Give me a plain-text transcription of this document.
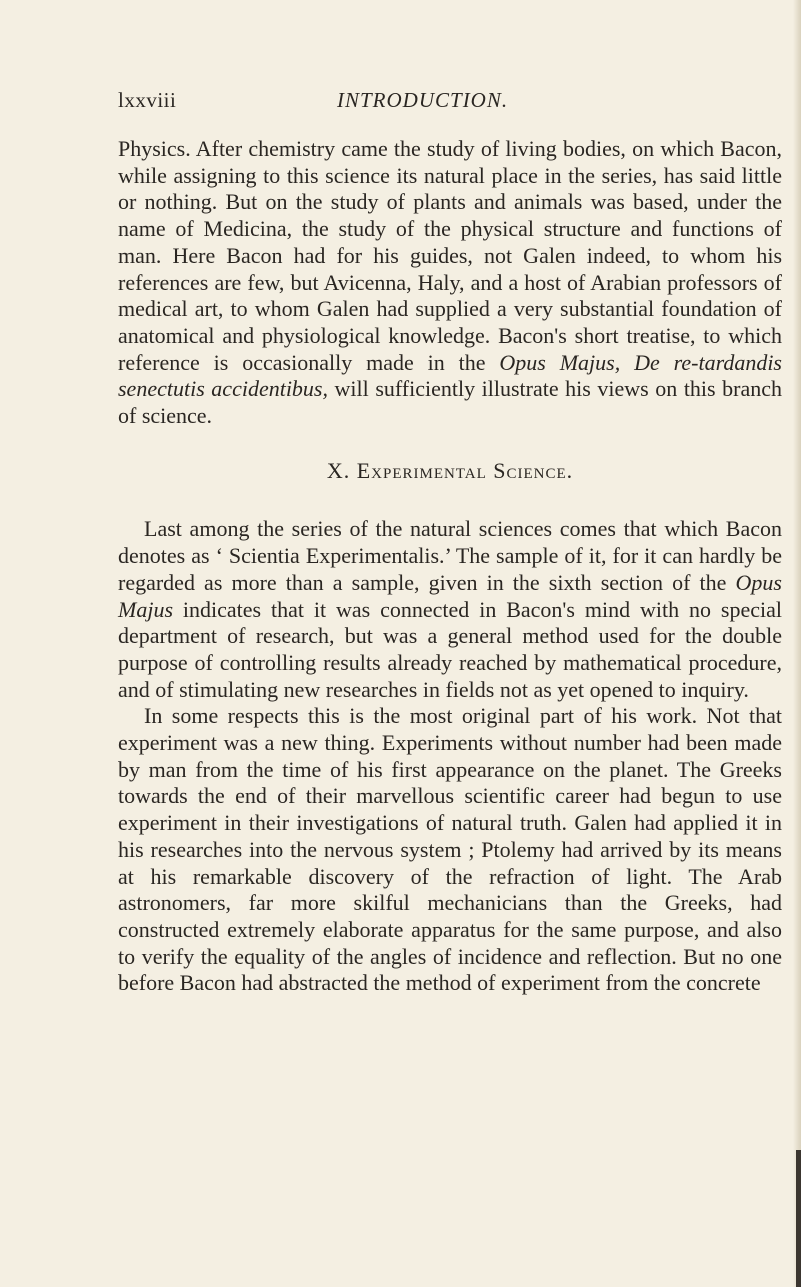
lxxviii	INTRODUCTION.

Physics. After chemistry came the study of living bodies, on which Bacon, while assigning to this science its natural place in the series, has said little or nothing. But on the study of plants and animals was based, under the name of Medicina, the study of the physical structure and functions of man. Here Bacon had for his guides, not Galen indeed, to whom his references are few, but Avicenna, Haly, and a host of Arabian professors of medical art, to whom Galen had supplied a very substantial foundation of anatomical and physiological knowledge. Bacon's short treatise, to which reference is occasionally made in the Opus Majus, De re-tardandis senectutis accidentibus, will sufficiently illustrate his views on this branch of science.

X. Experimental Science.

Last among the series of the natural sciences comes that which Bacon denotes as ‘ Scientia Experimentalis.’ The sample of it, for it can hardly be regarded as more than a sample, given in the sixth section of the Opus Majus indicates that it was connected in Bacon's mind with no special department of research, but was a general method used for the double purpose of controlling results already reached by mathematical procedure, and of stimulating new researches in fields not as yet opened to inquiry.

In some respects this is the most original part of his work. Not that experiment was a new thing. Experiments without number had been made by man from the time of his first appearance on the planet. The Greeks towards the end of their marvellous scientific career had begun to use experiment in their investigations of natural truth. Galen had applied it in his researches into the nervous system ; Ptolemy had arrived by its means at his remarkable discovery of the refraction of light. The Arab astronomers, far more skilful mechanicians than the Greeks, had constructed extremely elaborate apparatus for the same purpose, and also to verify the equality of the angles of incidence and reflection. But no one before Bacon had abstracted the method of experiment from the concrete
